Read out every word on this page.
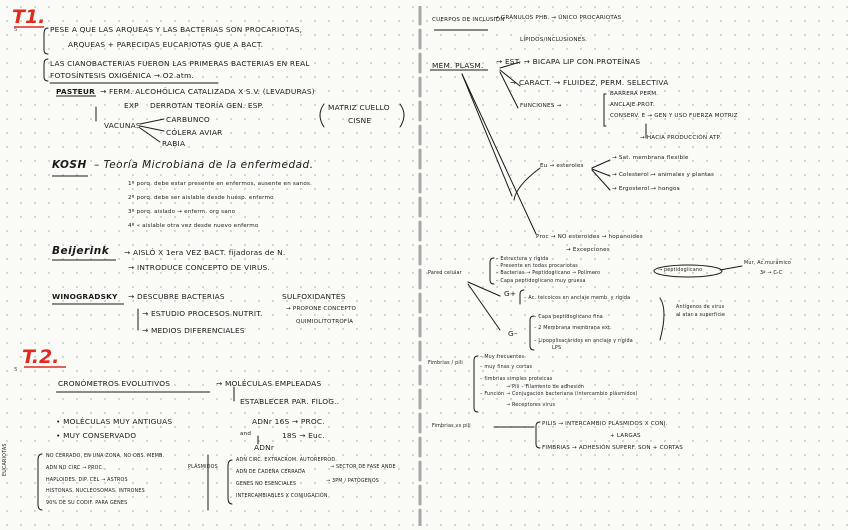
T1.
5	PESE A QUE LAS ARQUEAS Y LAS BACTERIAS SON PROCARIOTAS,
ARQUEAS + PARECIDAS EUCARIOTAS QUE A BACT.
LAS CIANOBACTERIAS FUERON LAS PRIMERAS BACTERIAS EN REAL
FOTOSÍNTESIS OXIGÉNICA → O2 atm.
PASTEUR → FERM. ALCOHÓLICA CATALIZADA X S.V. (LEVADURAS)
EXP DERROTAN TEORÍA GEN. ESP.	MATRIZ CUELLO
CISNE
VACUNAS
CARBUNCO
CÓLERA AVIAR
RABIA
KOSH – Teoría Microbiana de la enfermedad.
1º porq. debe estar presente en enfermos, ausente en sanos.
2º porq. debe ser aislable desde huésp. enfermo
3º porq. aislado → enferm. org sano
4º « aislable otra vez desde nuevo enfermo
Beijerink → AISLÓ X 1era VEZ BACT. fijadoras de N.
→ INTRODUCE CONCEPTO DE VIRUS.
WINOGRADSKY → DESCUBRE BACTERIAS	SULFOXIDANTES
→ PROPONE CONCEPTO
QUIMIOLITOTROFÍA
→ ESTUDIO PROCESOS NUTRIT.
→ MEDIOS DIFERENCIALES
T.2.
5
CRONÓMETROS EVOLUTIVOS	→ MOLÉCULAS EMPLEADAS
ESTABLECER PAR. FILOG..
• MOLÉCULAS MUY ANTIGUAS
• MUY CONSERVADO
ADNr 16S → PROC.
and	18S → Euc.
ADNr
EUCARIOTAS	NO CERRADO, EN UNA ZONA, NO OBS. MEMB.
ADN NO CIRC → PROC.
HAPLOIDES. DIP. CEL → ASTROS
HISTONAS, NUCLEOSOMAS, INTRONES
90% DE SU CODIF. PARA GENES
PLÁSMIDOS
ADN CIRC. EXTRACROM. AUTOREPROD.
ADN DE CADENA CERRADA
GENES NO ESENCIALES
INTERCAMBIABLES X CONJUGACIÓN
→ SECTOR DE FASE ANDE
→ 3PM / PATÓGENOS
CUERPOS DE INCLUSIÓN
→ GRÁNULOS PHB. → ÚNICO PROCARIOTAS
LÍPIDOS/INCLUSIONES.
MEM. PLASM. → EST. → BICAPA LIP CON PROTEÍNAS
→ CARACT. → FLUIDEZ, PERM. SELECTIVA
FUNCIONES →
BARRERA PERM.
ANCLAJE PROT.
CONSERV. E → GEN Y USO FUERZA MOTRIZ
→ HACIA PRODUCCIÓN ATP.
Eu → esteroles
→ Sat. membrana flexible
→ Colesterol → animales y plantas
→ Ergosterol → hongos
Proc → NO esteroides → hopanoides
→ Excepciones
Pared celular
– Estructura y rígida
– Presente en todas procariotas
– Bacterias → Peptidoglicano → Polímero
→ peptidoglicano
Mur, Ac.murámico
3ª → C-C
– Capa peptidoglicano muy gruesa
G+
– Ac. teicoicos en anclaje memb. y rígida
Antígenos de virus
al atar a superficie
G–
– Capa peptidoglicano fina
– 2 Membrana membrana ext.
– Lipopolisacáridos en anclaje y rígida
LPS
Fimbrias / pili
– Muy frecuentes
– muy finas y cortas
– fimbrias simples proteicas
→ Pili – Filamento de adhesión
– Función → Conjugación bacteriana (intercambio plásmidos)
→ Receptores virus
Fimbrias vs pili	PILIS → INTERCAMBIO PLÁSMIDOS X CONJ.
+ LARGAS
FIMBRIAS → ADHESIÓN SUPERF. SON + CORTAS
